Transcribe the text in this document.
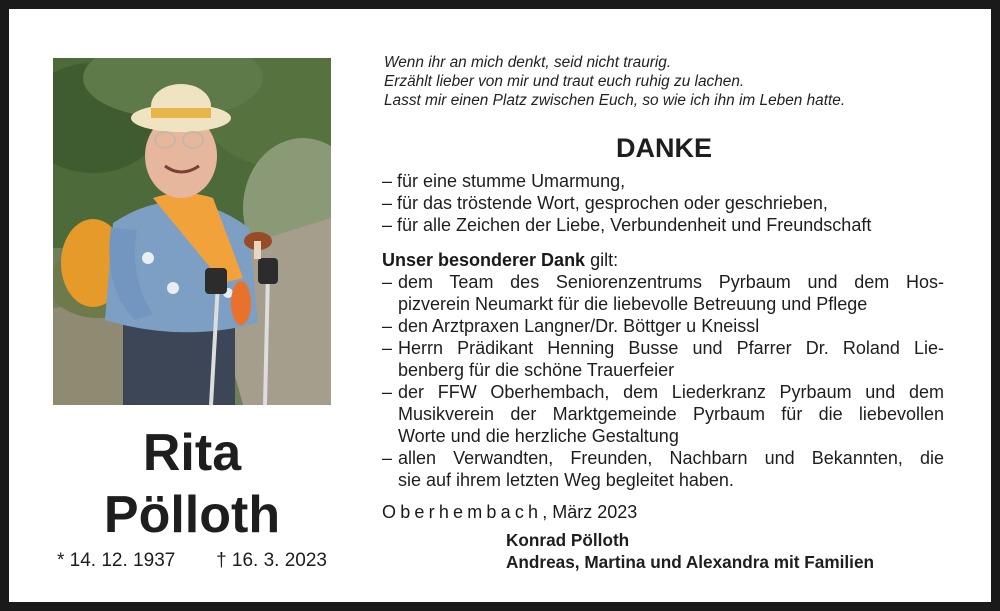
Rita
Pölloth
* 14. 12. 1937 † 16. 3. 2023
Wenn ihr an mich denkt, seid nicht traurig.
Erzählt lieber von mir und traut euch ruhig zu lachen.
Lasst mir einen Platz zwischen Euch, so wie ich ihn im Leben hatte.
DANKE
– für eine stumme Umarmung,
– für das tröstende Wort, gesprochen oder geschrieben,
– für alle Zeichen der Liebe, Verbundenheit und Freundschaft
Unser besonderer Dank gilt:
– dem Team des Seniorenzentrums Pyrbaum und dem Hos-
pizverein Neumarkt für die liebevolle Betreuung und Pflege
– den Arztpraxen Langner/Dr. Böttger u Kneissl
– Herrn Prädikant Henning Busse und Pfarrer Dr. Roland Lie-
benberg für die schöne Trauerfeier
– der FFW Oberhembach, dem Liederkranz Pyrbaum und dem
Musikverein der Marktgemeinde Pyrbaum für die liebevollen
Worte und die herzliche Gestaltung
– allen Verwandten, Freunden, Nachbarn und Bekannten, die
sie auf ihrem letzten Weg begleitet haben.
Oberhembach, März 2023
Konrad Pölloth
Andreas, Martina und Alexandra mit Familien
